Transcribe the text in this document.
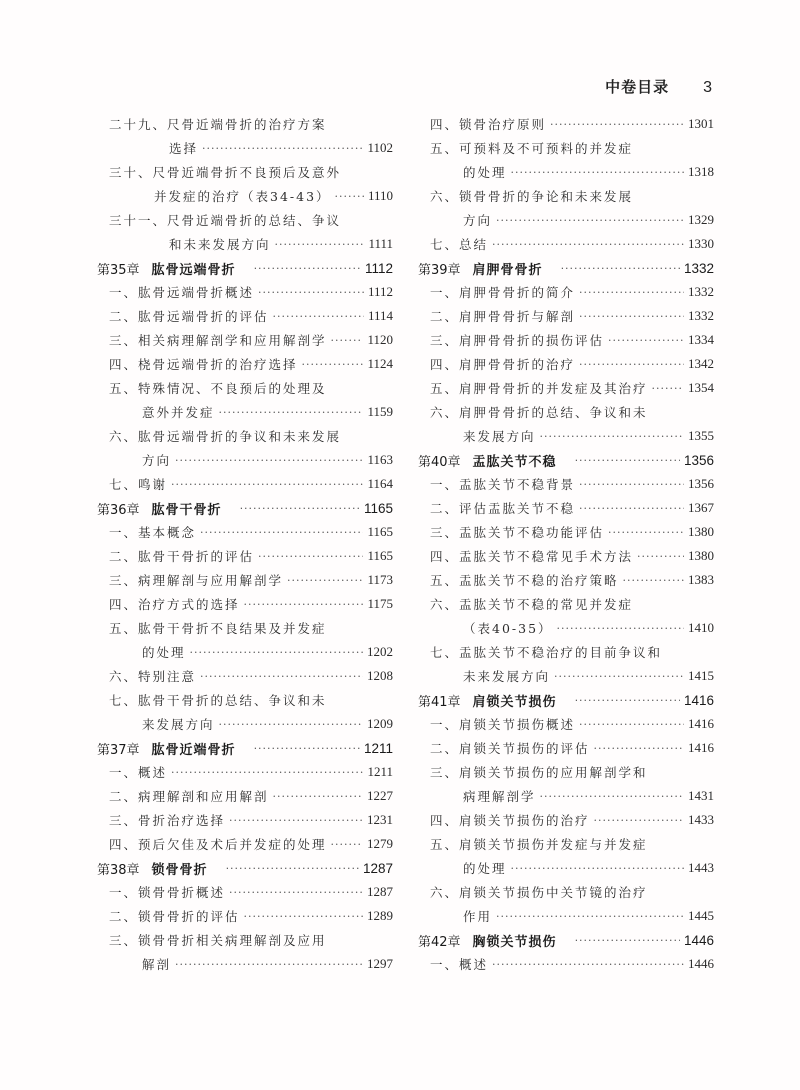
中卷目录 3
二十九、尺骨近端骨折的治疗方案
选择 ·····	1102
三十、尺骨近端骨折不良预后及意外
并发症的治疗（表34-43） ·····	1110
三十一、尺骨近端骨折的总结、争议
和未来发展方向 ·····	1111
第35章 肱骨远端骨折 ·····	1112
一、肱骨远端骨折概述 ·····	1112
二、肱骨远端骨折的评估 ·····	1114
三、相关病理解剖学和应用解剖学 ·····	1120
四、桡骨远端骨折的治疗选择 ·····	1124
五、特殊情况、不良预后的处理及
意外并发症 ·····	1159
六、肱骨远端骨折的争议和未来发展
方向 ·····	1163
七、鸣谢 ·····	1164
第36章 肱骨干骨折 ·····	1165
一、基本概念 ·····	1165
二、肱骨干骨折的评估 ·····	1165
三、病理解剖与应用解剖学 ·····	1173
四、治疗方式的选择 ·····	1175
五、肱骨干骨折不良结果及并发症
的处理 ·····	1202
六、特别注意 ·····	1208
七、肱骨干骨折的总结、争议和未
来发展方向 ·····	1209
第37章 肱骨近端骨折 ·····	1211
一、概述 ·····	1211
二、病理解剖和应用解剖 ·····	1227
三、骨折治疗选择 ·····	1231
四、预后欠佳及术后并发症的处理 ·····	1279
第38章 锁骨骨折 ·····	1287
一、锁骨骨折概述 ·····	1287
二、锁骨骨折的评估 ·····	1289
三、锁骨骨折相关病理解剖及应用
解剖 ·····	1297
四、锁骨治疗原则 ·····	1301
五、可预料及不可预料的并发症
的处理 ·····	1318
六、锁骨骨折的争论和未来发展
方向 ·····	1329
七、总结 ·····	1330
第39章 肩胛骨骨折 ·····	1332
一、肩胛骨骨折的简介 ·····	1332
二、肩胛骨骨折与解剖 ·····	1332
三、肩胛骨骨折的损伤评估 ·····	1334
四、肩胛骨骨折的治疗 ·····	1342
五、肩胛骨骨折的并发症及其治疗 ·····	1354
六、肩胛骨骨折的总结、争议和未
来发展方向 ·····	1355
第40章 盂肱关节不稳 ·····	1356
一、盂肱关节不稳背景 ·····	1356
二、评估盂肱关节不稳 ·····	1367
三、盂肱关节不稳功能评估 ·····	1380
四、盂肱关节不稳常见手术方法 ·····	1380
五、盂肱关节不稳的治疗策略 ·····	1383
六、盂肱关节不稳的常见并发症
（表40-35） ·····	1410
七、盂肱关节不稳治疗的目前争议和
未来发展方向 ·····	1415
第41章 肩锁关节损伤 ·····	1416
一、肩锁关节损伤概述 ·····	1416
二、肩锁关节损伤的评估 ·····	1416
三、肩锁关节损伤的应用解剖学和
病理解剖学 ·····	1431
四、肩锁关节损伤的治疗 ·····	1433
五、肩锁关节损伤并发症与并发症
的处理 ·····	1443
六、肩锁关节损伤中关节镜的治疗
作用 ·····	1445
第42章 胸锁关节损伤 ·····	1446
一、概述 ·····	1446
